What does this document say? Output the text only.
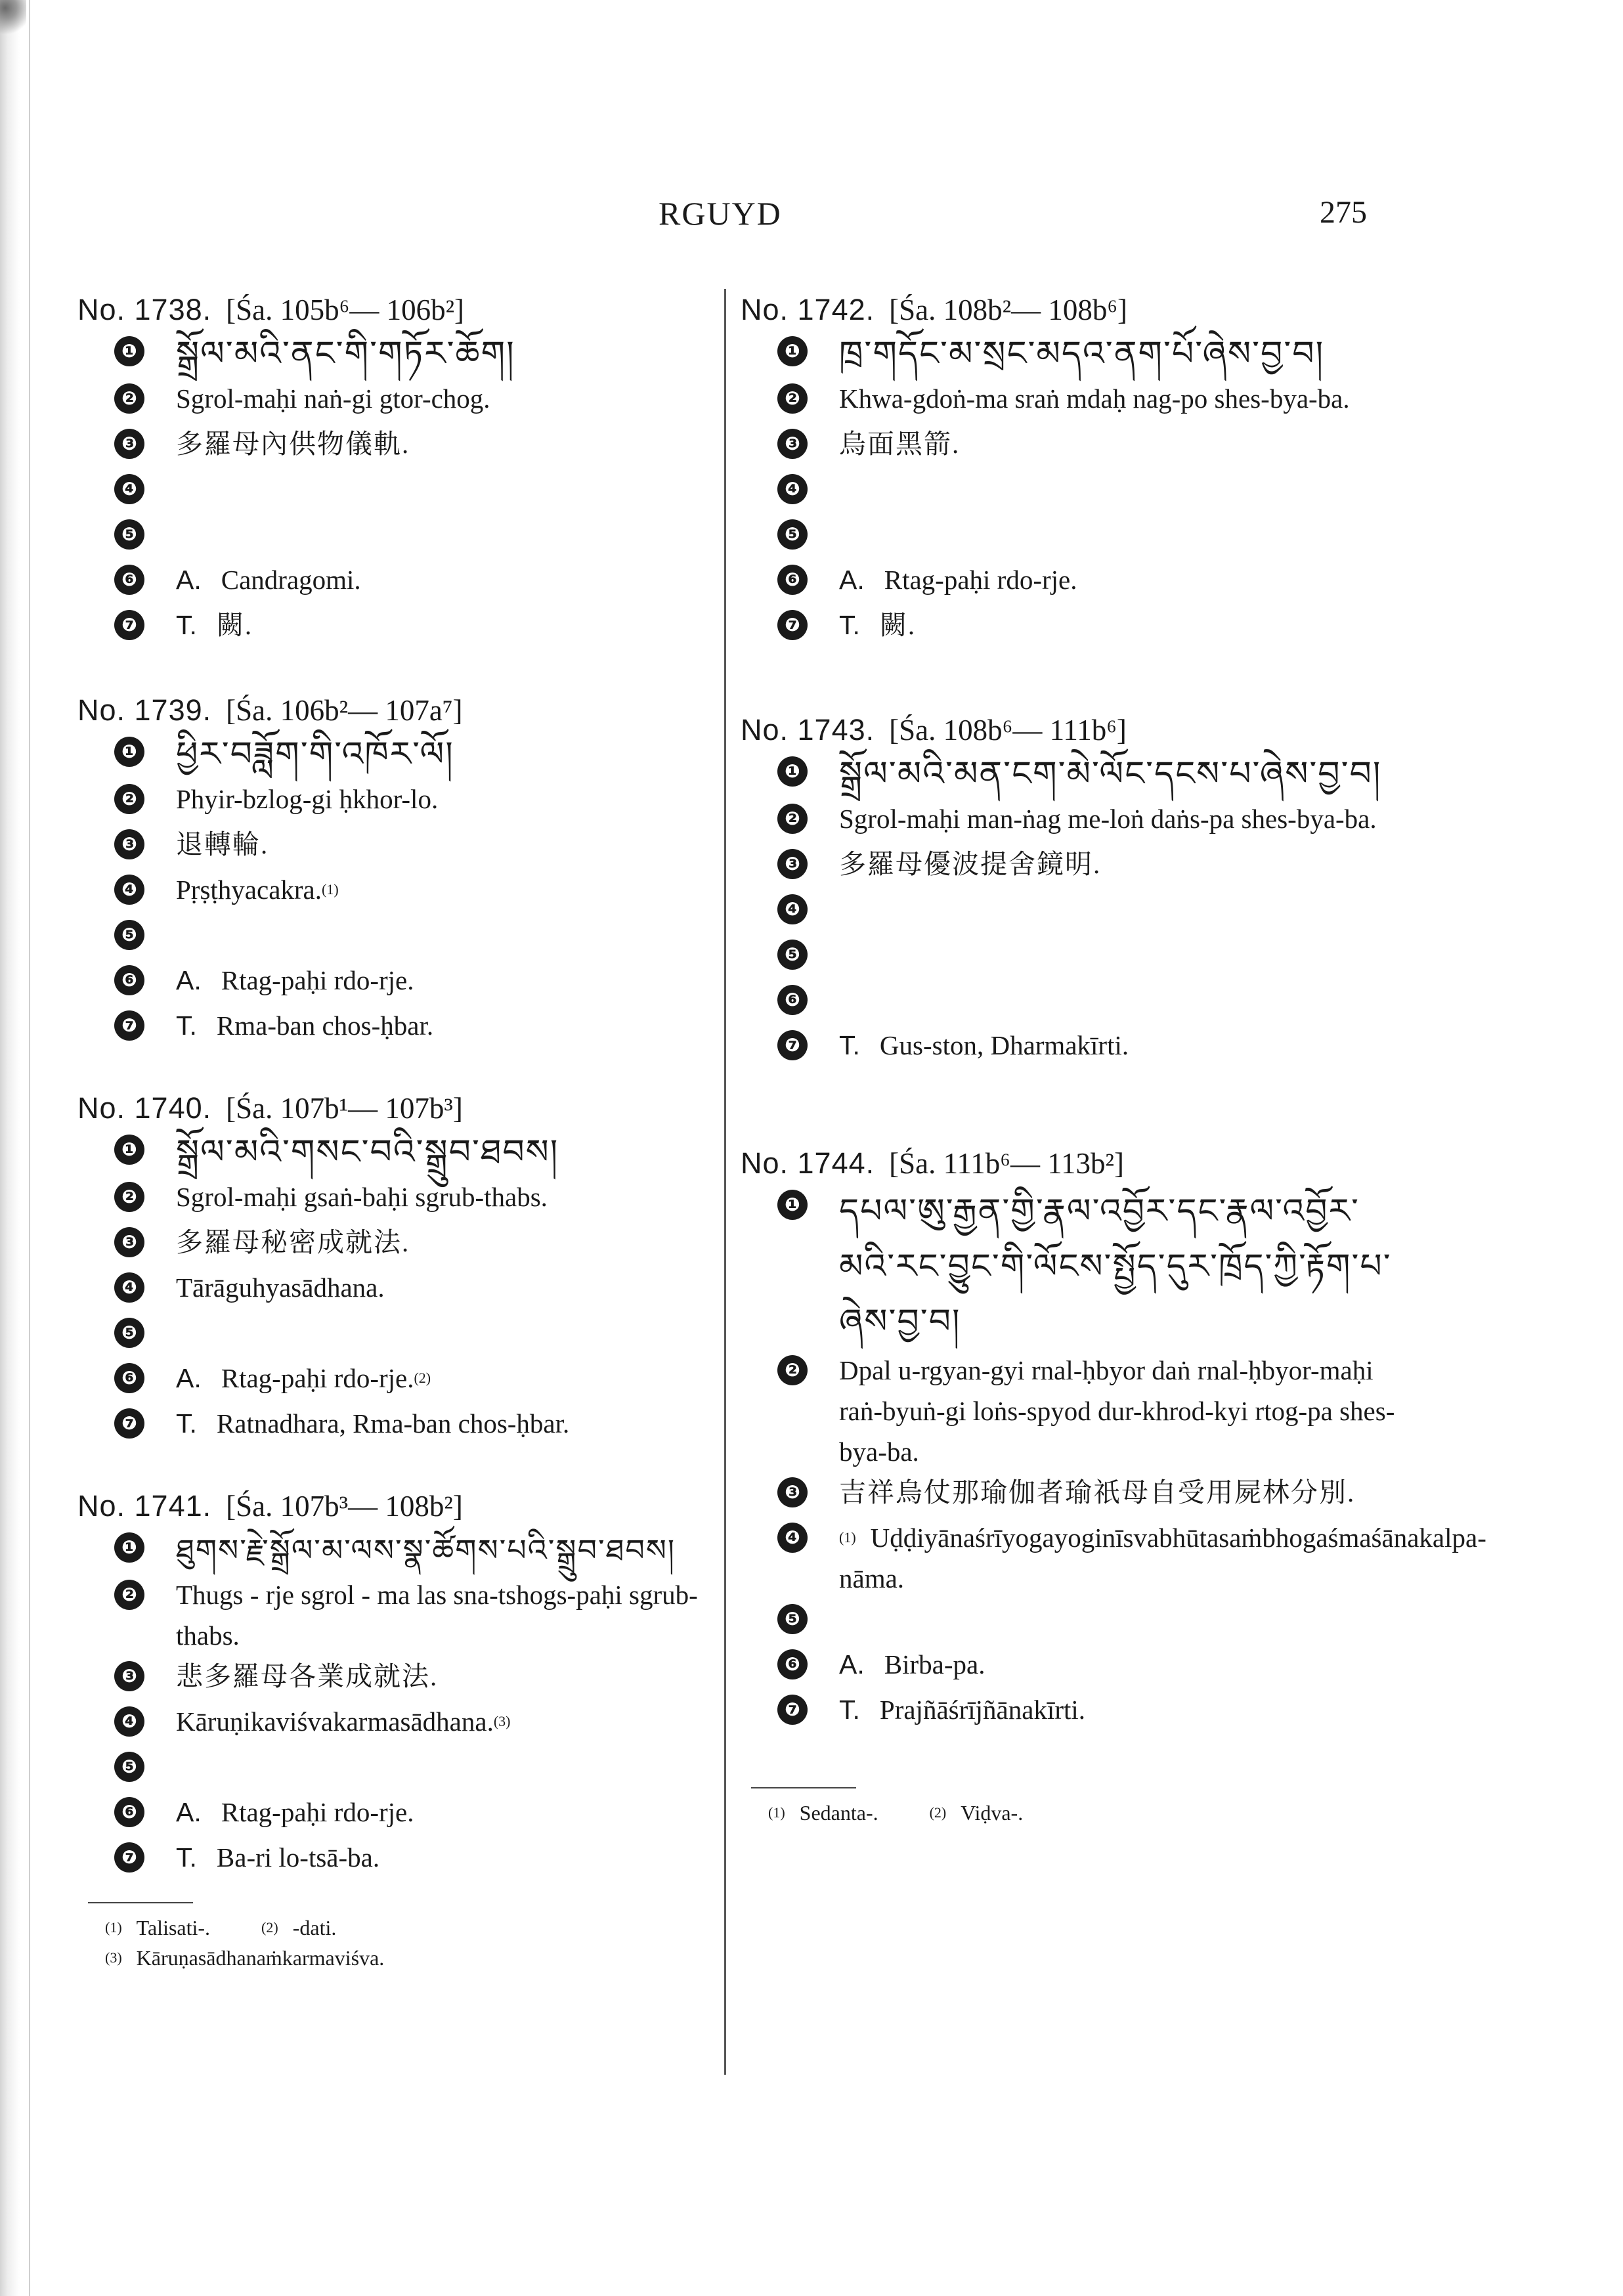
RGUYD	275
No. 1738. [Śa. 105b⁶— 106b²]
❶ སྒྲོལ་མའི་ནང་གི་གཏོར་ཆོག།
❷ Sgrol-maḥi naṅ-gi gtor-chog.
❸ 多羅母內供物儀軌.
❹
❺
❻ A. Candragomi.
❼ T. 闕.
No. 1739. [Śa. 106b²— 107a⁷]
❶ ཕྱིར་བཟློག་གི་འཁོར་ལོ།
❷ Phyir-bzlog-gi ḥkhor-lo.
❸ 退轉輪.
❹ Pṛṣṭhyacakra.$^{(1)}$
❺
❻ A. Rtag-paḥi rdo-rje.
❼ T. Rma-ban chos-ḥbar.
No. 1740. [Śa. 107b¹— 107b³]
❶ སྒྲོལ་མའི་གསང་བའི་སྒྲུབ་ཐབས།
❷ Sgrol-maḥi gsaṅ-baḥi sgrub-thabs.
❸ 多羅母秘密成就法.
❹ Tārāguhyasādhana.
❺
❻ A. Rtag-paḥi rdo-rje.$^{(2)}$
❼ T. Ratnadhara, Rma-ban chos-ḥbar.
No. 1741. [Śa. 107b³— 108b²]
❶ ཐུགས་རྗེ་སྒྲོལ་མ་ལས་སྣ་ཚོགས་པའི་སྒྲུབ་ཐབས།
❷ Thugs - rje sgrol - ma las sna-tshogs-paḥi sgrub-thabs.
❸ 悲多羅母各業成就法.
❹ Kāruṇikaviśvakarmasādhana.$^{(3)}$
❺
❻ A. Rtag-paḥi rdo-rje.
❼ T. Ba-ri lo-tsā-ba.
$^{(1)}$ Talisati-.	$^{(2)}$ -dati.
$^{(3)}$ Kāruṇasādhanaṁkarmaviśva.
No. 1742. [Śa. 108b²— 108b⁶]
❶ ཁྲ་གདོང་མ་སྲང་མདའ་ནག་པོ་ཞེས་བྱ་བ།
❷ Khwa-gdoṅ-ma sraṅ mdaḥ nag-po shes-bya-ba.
❸ 烏面黑箭.
❹
❺
❻ A. Rtag-paḥi rdo-rje.
❼ T. 闕.
No. 1743. [Śa. 108b⁶— 111b⁶]
❶ སྒྲོལ་མའི་མན་ངག་མེ་ལོང་དངས་པ་ཞེས་བྱ་བ།
❷ Sgrol-maḥi man-ṅag me-loṅ daṅs-pa shes-bya-ba.
❸ 多羅母優波提舍鏡明.
❹
❺
❻
❼ T. Gus-ston, Dharmakīrti.
No. 1744. [Śa. 111b⁶— 113b²]
❶ དཔལ་ཨུ་རྒྱན་གྱི་རྣལ་འབྱོར་དང་རྣལ་འབྱོར་མའི་རང་བྱུང་གི་ལོངས་སྤྱོད་དུར་ཁྲོད་ཀྱི་རྟོག་པ་ཞེས་བྱ་བ།
❷ Dpal u-rgyan-gyi rnal-ḥbyor daṅ rnal-ḥbyor-maḥi raṅ-byuṅ-gi loṅs-spyod dur-khrod-kyi rtog-pa shes-bya-ba.
❸ 吉祥烏仗那瑜伽者瑜祇母自受用屍林分別.
❹	$^{(1)}$ Uḍḍiyānaśrīyogayoginīsvabhūtasaṁbhogaśmaśānakalpa-nāma.
❺
❻ A. Birba-pa.
❼ T. Prajñāśrījñānakīrti.
$^{(1)}$ Sedanta-.	$^{(2)}$ Viḍva-.
